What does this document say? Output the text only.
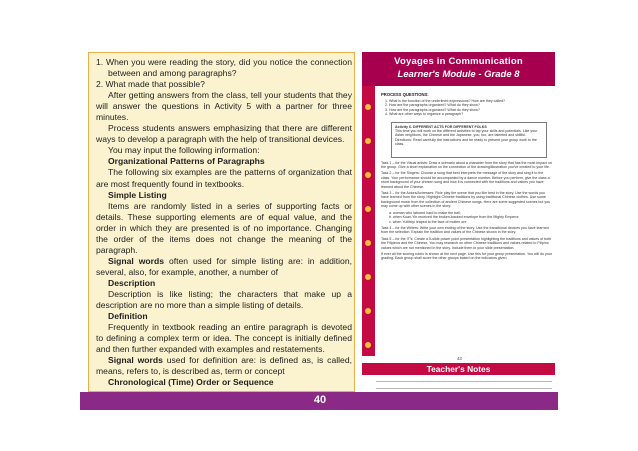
1. When you were reading the story, did you notice the connection between and among paragraphs?

2. What made that possible?

After getting answers from the class, tell your students that they will answer the questions in Activity 5 with a partner for three minutes.

Process students answers emphasizing that there are different ways to develop a paragraph with the help of transitional devices.

You may input the following information:

Organizational Patterns of Paragraphs

The following six examples are the patterns of organization that are most frequently found in textbooks.

Simple Listing

Items are randomly listed in a series of supporting facts or details. These supporting elements are of equal value, and the order in which they are presented is of no importance. Changing the order of the items does not change the meaning of the paragraph.

Signal words often used for simple listing are: in addition, several, also, for example, another, a number of

Description

Description is like listing; the characters that make up a description are no more than a simple listing of details.

Definition

Frequently in textbook reading an entire paragraph is devoted to defining a complex term or idea. The concept is initially defined and then further expanded with examples and restatements.

Signal words used for definition are: is defined as, is called, means, refers to, is described as, term or concept

Chronological (Time) Order or Sequence

Voyages in Communication
Learner's Module - Grade 8

PROCESS QUESTIONS:

1. What is the function of the underlined expressions? How are they called?

2. How are the paragraphs organized? What do they show?

3. How are the paragraphs organized? What do they show?

4. What are other ways to organize a paragraph?

Activity 6. DIFFERENT ACTS FOR DIFFERENT FOLKS

This time you will work on the different activities to tap your skills and potentials. Like your Asian neighbors, the Chinese and the Japanese, you, too, are talented and skillful. Directions: Read carefully the instructions and be ready to present your group work to the class.

Task 1 – for the Visual artists: Draw a scenario about a character from the story that has the most impact on the group. Give a short explanation on the connection of the drawing/illustration you've created to your life.

Task 2 – for the Singers: Choose a song that best interprets the message of the story and sing it to the class. Your performance should be accompanied by a dance number. Before you perform, give the class a short background of your chosen song and how it is connected with the traditions and values you have learned about the Chinese.

Task 3 – for the Actors/Actresses: Role play the scene that you like best in the story. Use the words you have learned from the story. Highlight Chinese traditions by using traditional Chinese clothes. Use some background music from the collection of ancient Chinese songs. Here are some suggested scenes but you may come up with other scenes in the story:

a. woman who labored hard to make the ball;

b. when Kuan-Yin received the broken-backed envelope from the Mighty Emperor

c. when YuMeiyi leaped to the face of molten ore

Task 4 – for the Writers: Write your own ending of the story. Use the transitional devices you have learned from the selection. Explain the tradition and values of the Chinese shown in the story.

Task 5 – for the IT's: Create a 5-slide power point presentation highlighting the traditions and values of both the Filipinos and the Chinese. You may research on other Chinese traditions and values related to Filipino values which are not mentioned in the story. Include them in your slide presentation.

If ever all the scoring rubric is shown at the next page. Use this for your group presentation. You will do your grading. Each group shall score the other groups based on the indicators given.

43
Teacher's Notes
40
